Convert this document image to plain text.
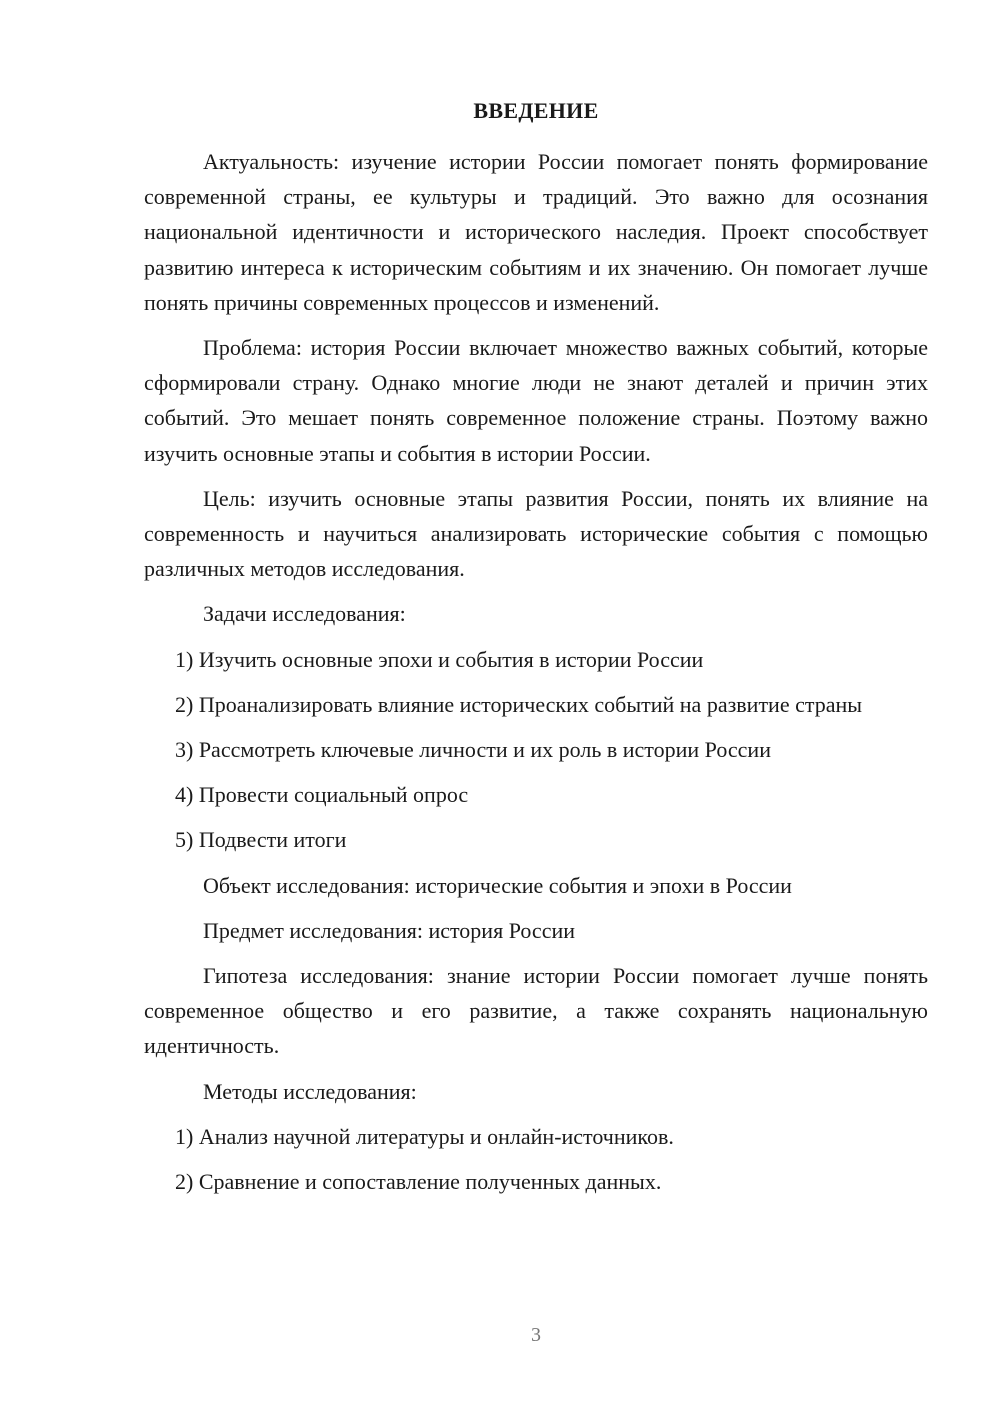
ВВЕДЕНИЕ

Актуальность: изучение истории России помогает понять формирование современной страны, ее культуры и традиций. Это важно для осознания национальной идентичности и исторического наследия. Проект способствует развитию интереса к историческим событиям и их значению. Он помогает лучше понять причины современных процессов и изменений.

Проблема: история России включает множество важных событий, которые сформировали страну. Однако многие люди не знают деталей и причин этих событий. Это мешает понять современное положение страны. Поэтому важно изучить основные этапы и события в истории России.

Цель: изучить основные этапы развития России, понять их влияние на современность и научиться анализировать исторические события с помощью различных методов исследования.

Задачи исследования:

1) Изучить основные эпохи и события в истории России

2) Проанализировать влияние исторических событий на развитие страны

3) Рассмотреть ключевые личности и их роль в истории России

4) Провести социальный опрос

5) Подвести итоги

Объект исследования: исторические события и эпохи в России

Предмет исследования: история России

Гипотеза исследования: знание истории России помогает лучше понять современное общество и его развитие, а также сохранять национальную идентичность.

Методы исследования:

1) Анализ научной литературы и онлайн-источников.

2) Сравнение и сопоставление полученных данных.

3
